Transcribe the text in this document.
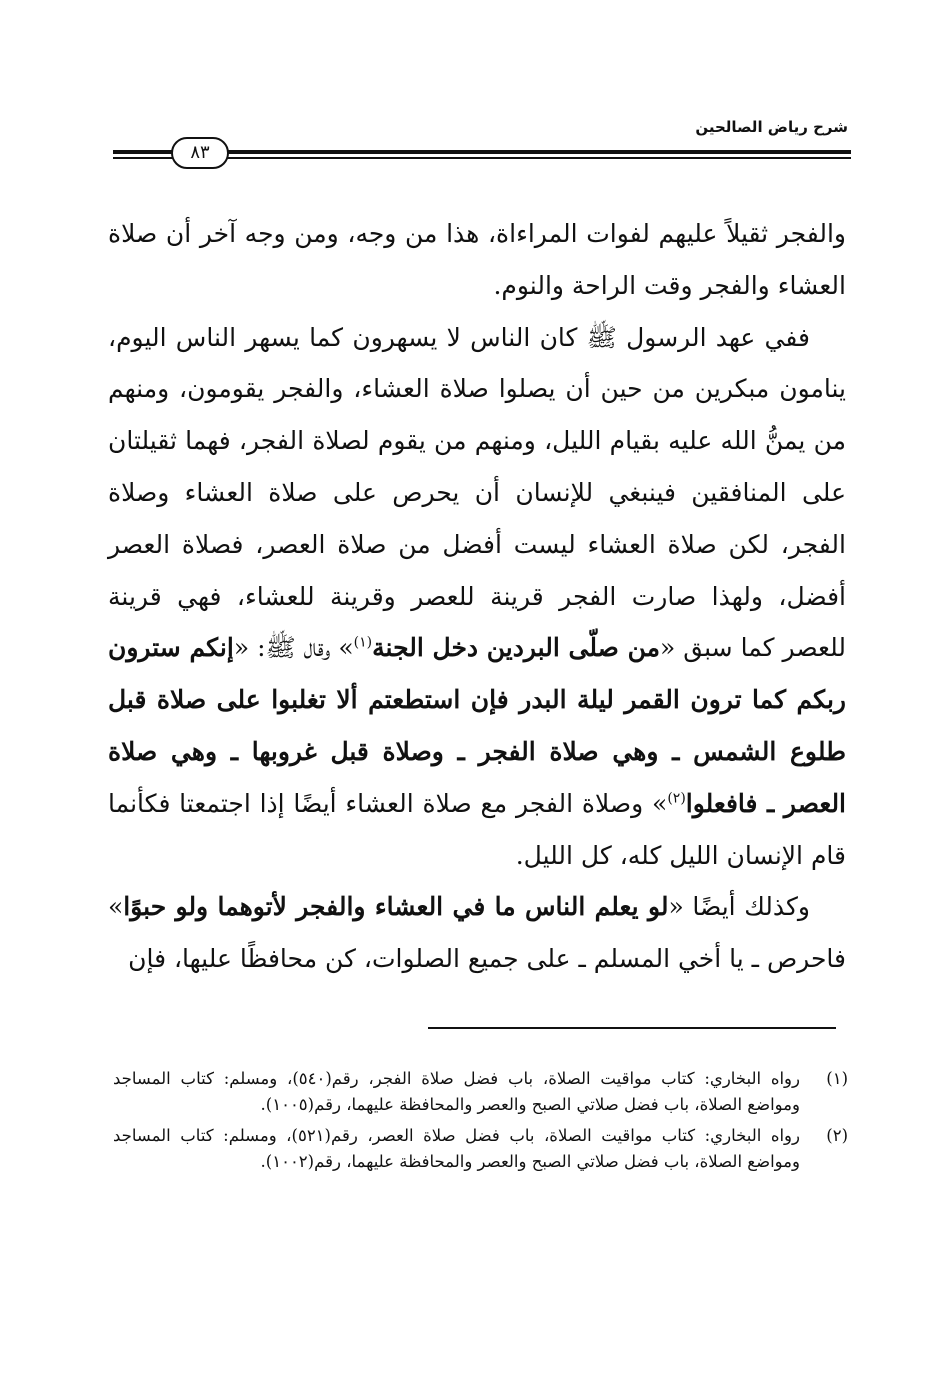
شرح رياض الصالحين
٨٣

والفجر ثقيلاً عليهم لفوات المراءاة، هذا من وجه، ومن وجه آخر أن صلاة العشاء والفجر وقت الراحة والنوم.

ففي عهد الرسول ﷺ كان الناس لا يسهرون كما يسهر الناس اليوم، ينامون مبكرين من حين أن يصلوا صلاة العشاء، والفجر يقومون، ومنهم من يمنُّ الله عليه بقيام الليل، ومنهم من يقوم لصلاة الفجر، فهما ثقيلتان على المنافقين فينبغي للإنسان أن يحرص على صلاة العشاء وصلاة الفجر، لكن صلاة العشاء ليست أفضل من صلاة العصر، فصلاة العصر أفضل، ولهذا صارت الفجر قرينة للعصر وقرينة للعشاء، فهي قرينة للعصر كما سبق «من صلّى البردين دخل الجنة$^{(١)}$» وقال ﷺ: «إنكم سترون ربكم كما ترون القمر ليلة البدر فإن استطعتم ألا تغلبوا على صلاة قبل طلوع الشمس ـ وهي صلاة الفجر ـ وصلاة قبل غروبها ـ وهي صلاة العصر ـ فافعلوا$^{(٢)}$» وصلاة الفجر مع صلاة العشاء أيضًا إذا اجتمعتا فكأنما قام الإنسان الليل كله، كل الليل.

وكذلك أيضًا «لو يعلم الناس ما في العشاء والفجر لأتوهما ولو حبوًا» فاحرص ـ يا أخي المسلم ـ على جميع الصلوات، كن محافظًا عليها، فإن

(١)
رواه البخاري: كتاب مواقيت الصلاة، باب فضل صلاة الفجر، رقم(٥٤٠)، ومسلم: كتاب المساجد ومواضع الصلاة، باب فضل صلاتي الصبح والعصر والمحافظة عليهما، رقم(١٠٠٥).
(٢)
رواه البخاري: كتاب مواقيت الصلاة، باب فضل صلاة العصر، رقم(٥٢١)، ومسلم: كتاب المساجد ومواضع الصلاة، باب فضل صلاتي الصبح والعصر والمحافظة عليهما، رقم(١٠٠٢).
